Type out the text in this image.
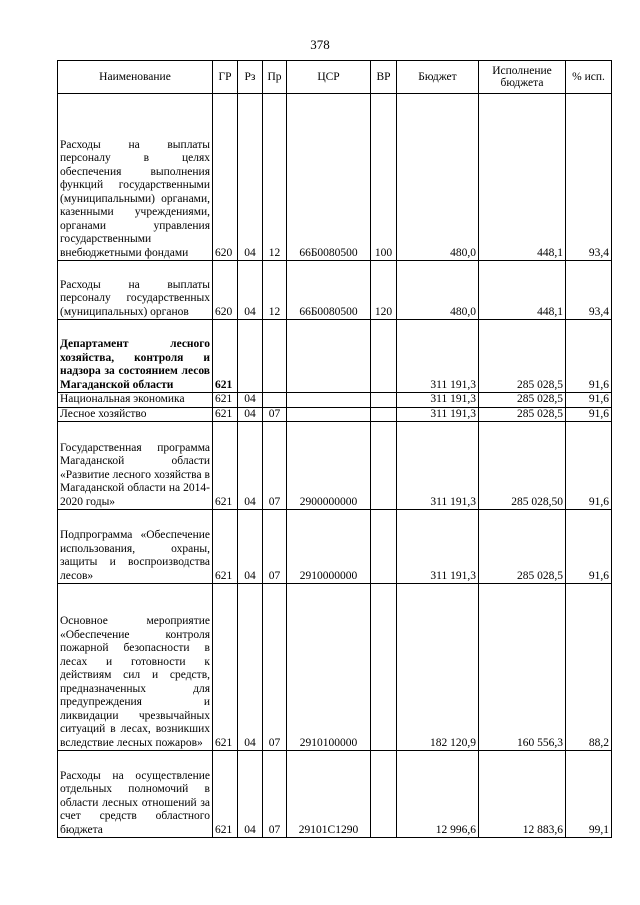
378
Наименование	ГР	Рз	Пр	ЦСР	ВР	Бюджет	Исполнение бюджета	% исп.
Расходы на выплаты персоналу в целях обеспечения выполнения функций государственными (муниципальными) органами, казенными учреждениями, органами управления государственными внебюджетными фондами	620	04	12	66Б0080500	100	480,0	448,1	93,4
Расходы на выплаты персоналу государственных (муниципальных) органов	620	04	12	66Б0080500	120	480,0	448,1	93,4
Департамент лесного хозяйства, контроля и надзора за состоянием лесов Магаданской области	621					311 191,3	285 028,5	91,6
Национальная экономика	621	04				311 191,3	285 028,5	91,6
Лесное хозяйство	621	04	07			311 191,3	285 028,5	91,6
Государственная программа Магаданской области «Развитие лесного хозяйства в Магаданской области на 2014-2020 годы»	621	04	07	2900000000		311 191,3	285 028,50	91,6
Подпрограмма «Обеспечение использования, охраны, защиты и воспроизводства лесов»	621	04	07	2910000000		311 191,3	285 028,5	91,6
Основное мероприятие «Обеспечение контроля пожарной безопасности в лесах и готовности к действиям сил и средств, предназначенных для предупреждения и ликвидации чрезвычайных ситуаций в лесах, возникших вследствие лесных пожаров»	621	04	07	2910100000		182 120,9	160 556,3	88,2
Расходы на осуществление отдельных полномочий в области лесных отношений за счет средств областного бюджета	621	04	07	29101С1290		12 996,6	12 883,6	99,1
